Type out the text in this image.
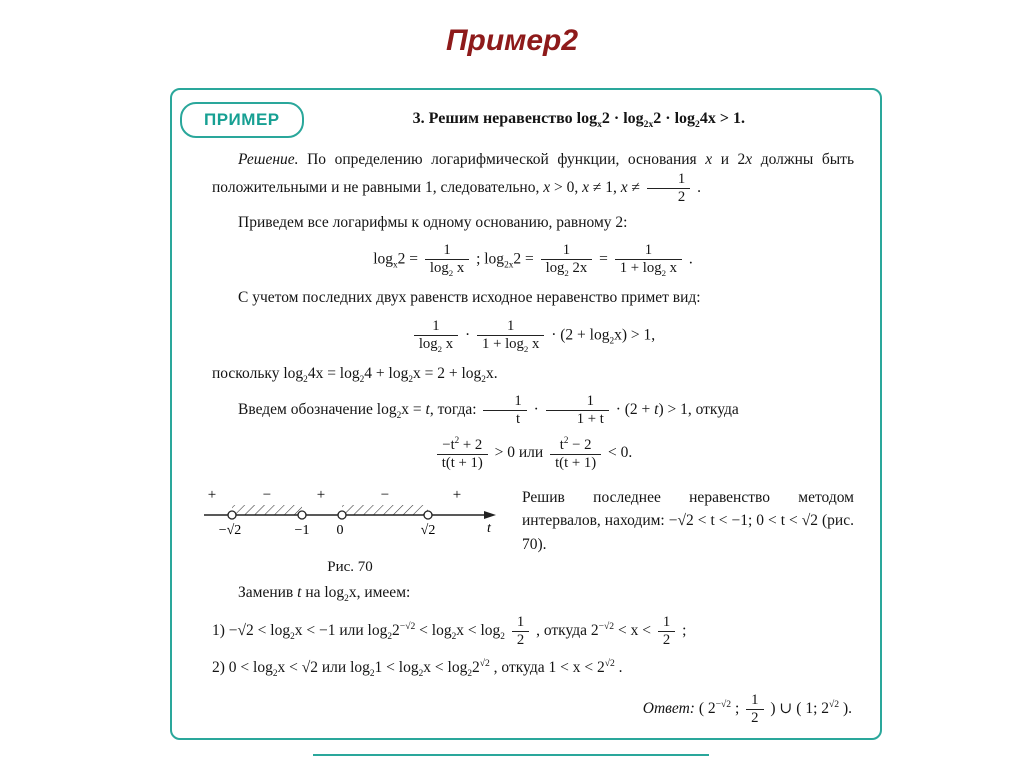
Пример2
ПРИМЕР	3. Решим неравенство $\log_x2 \cdot \log_{2x}2 \cdot \log_24x > 1$.

Решение. По определению логарифмической функции, основания x и 2x должны быть положительными и не равными 1, следовательно, x > 0, x ≠ 1, $x \ne \frac{1}{2}$ .

Приведем все логарифмы к одному основанию, равному 2:

$\log_x2 = \frac{1}{\log_2 x}$ ; $\log_{2x}2 = \frac{1}{\log_2 2x} = \frac{1}{1 + \log_2 x}$ .

С учетом последних двух равенств исходное неравенство примет вид:

$\frac{1}{\log_2 x} \cdot \frac{1}{1 + \log_2 x} \cdot (2 + \log_2x) > 1$,

поскольку $\log_24x = \log_24 + \log_2x = 2 + \log_2x$.

Введем обозначение $\log_2x = t$, тогда: $\frac{1}{t} \cdot \frac{1}{1 + t} \cdot (2 + t) > 1$, откуда

$\frac{-t^2 + 2}{t(t + 1)} > 0$ или $\frac{t^2 - 2}{t(t + 1)} < 0$.
+	−	+	−	+
−√2	−1 0	√2	t
Рис. 70

Решив последнее неравенство методом интервалов, находим: −√2 < t < −1; 0 < t < √2 (рис. 70).

Заменив t на $\log_2x$, имеем:

$1) -√2 < \log_2x < -1$ или $\log_22^{-√2} < \log_2x < \log_2 \frac{1}{2}$ , откуда $2^{-√2} < x < \frac{1}{2}$ ;

2) $0 < \log_2x < √2$ или $\log_21 < \log_2x < \log_22^{√2}$ , откуда $1 < x < 2^{√2}$ .

Ответ: ( $2^{-√2}$ ; $\frac{1}{2}$ ) ∪ ( 1; $2^{√2}$ ).
